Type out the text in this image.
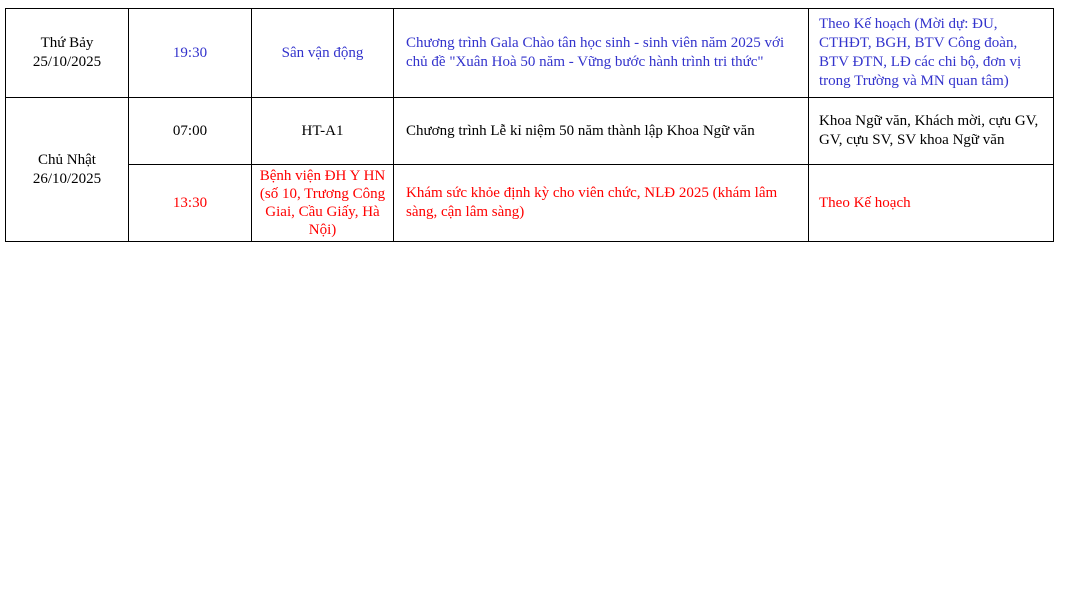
Thứ Bảy
25/10/2025	19:30	Sân vận động	Chương trình Gala Chào tân học sinh - sinh viên năm 2025 với chủ đề "Xuân Hoà 50 năm - Vững bước hành trình tri thức"	Theo Kế hoạch (Mời dự: ĐU, CTHĐT, BGH, BTV Công đoàn, BTV ĐTN, LĐ các chi bộ, đơn vị trong Trường và MN quan tâm)

Chủ Nhật
26/10/2025	07:00	HT-A1	Chương trình Lễ kỉ niệm 50 năm thành lập Khoa Ngữ văn	Khoa Ngữ văn, Khách mời, cựu GV, GV, cựu SV, SV khoa Ngữ văn
	13:30	Bệnh viện ĐH Y HN (số 10, Trương Công Giai, Cầu Giấy, Hà Nội)	Khám sức khỏe định kỳ cho viên chức, NLĐ 2025 (khám lâm sàng, cận lâm sàng)	Theo Kế hoạch
